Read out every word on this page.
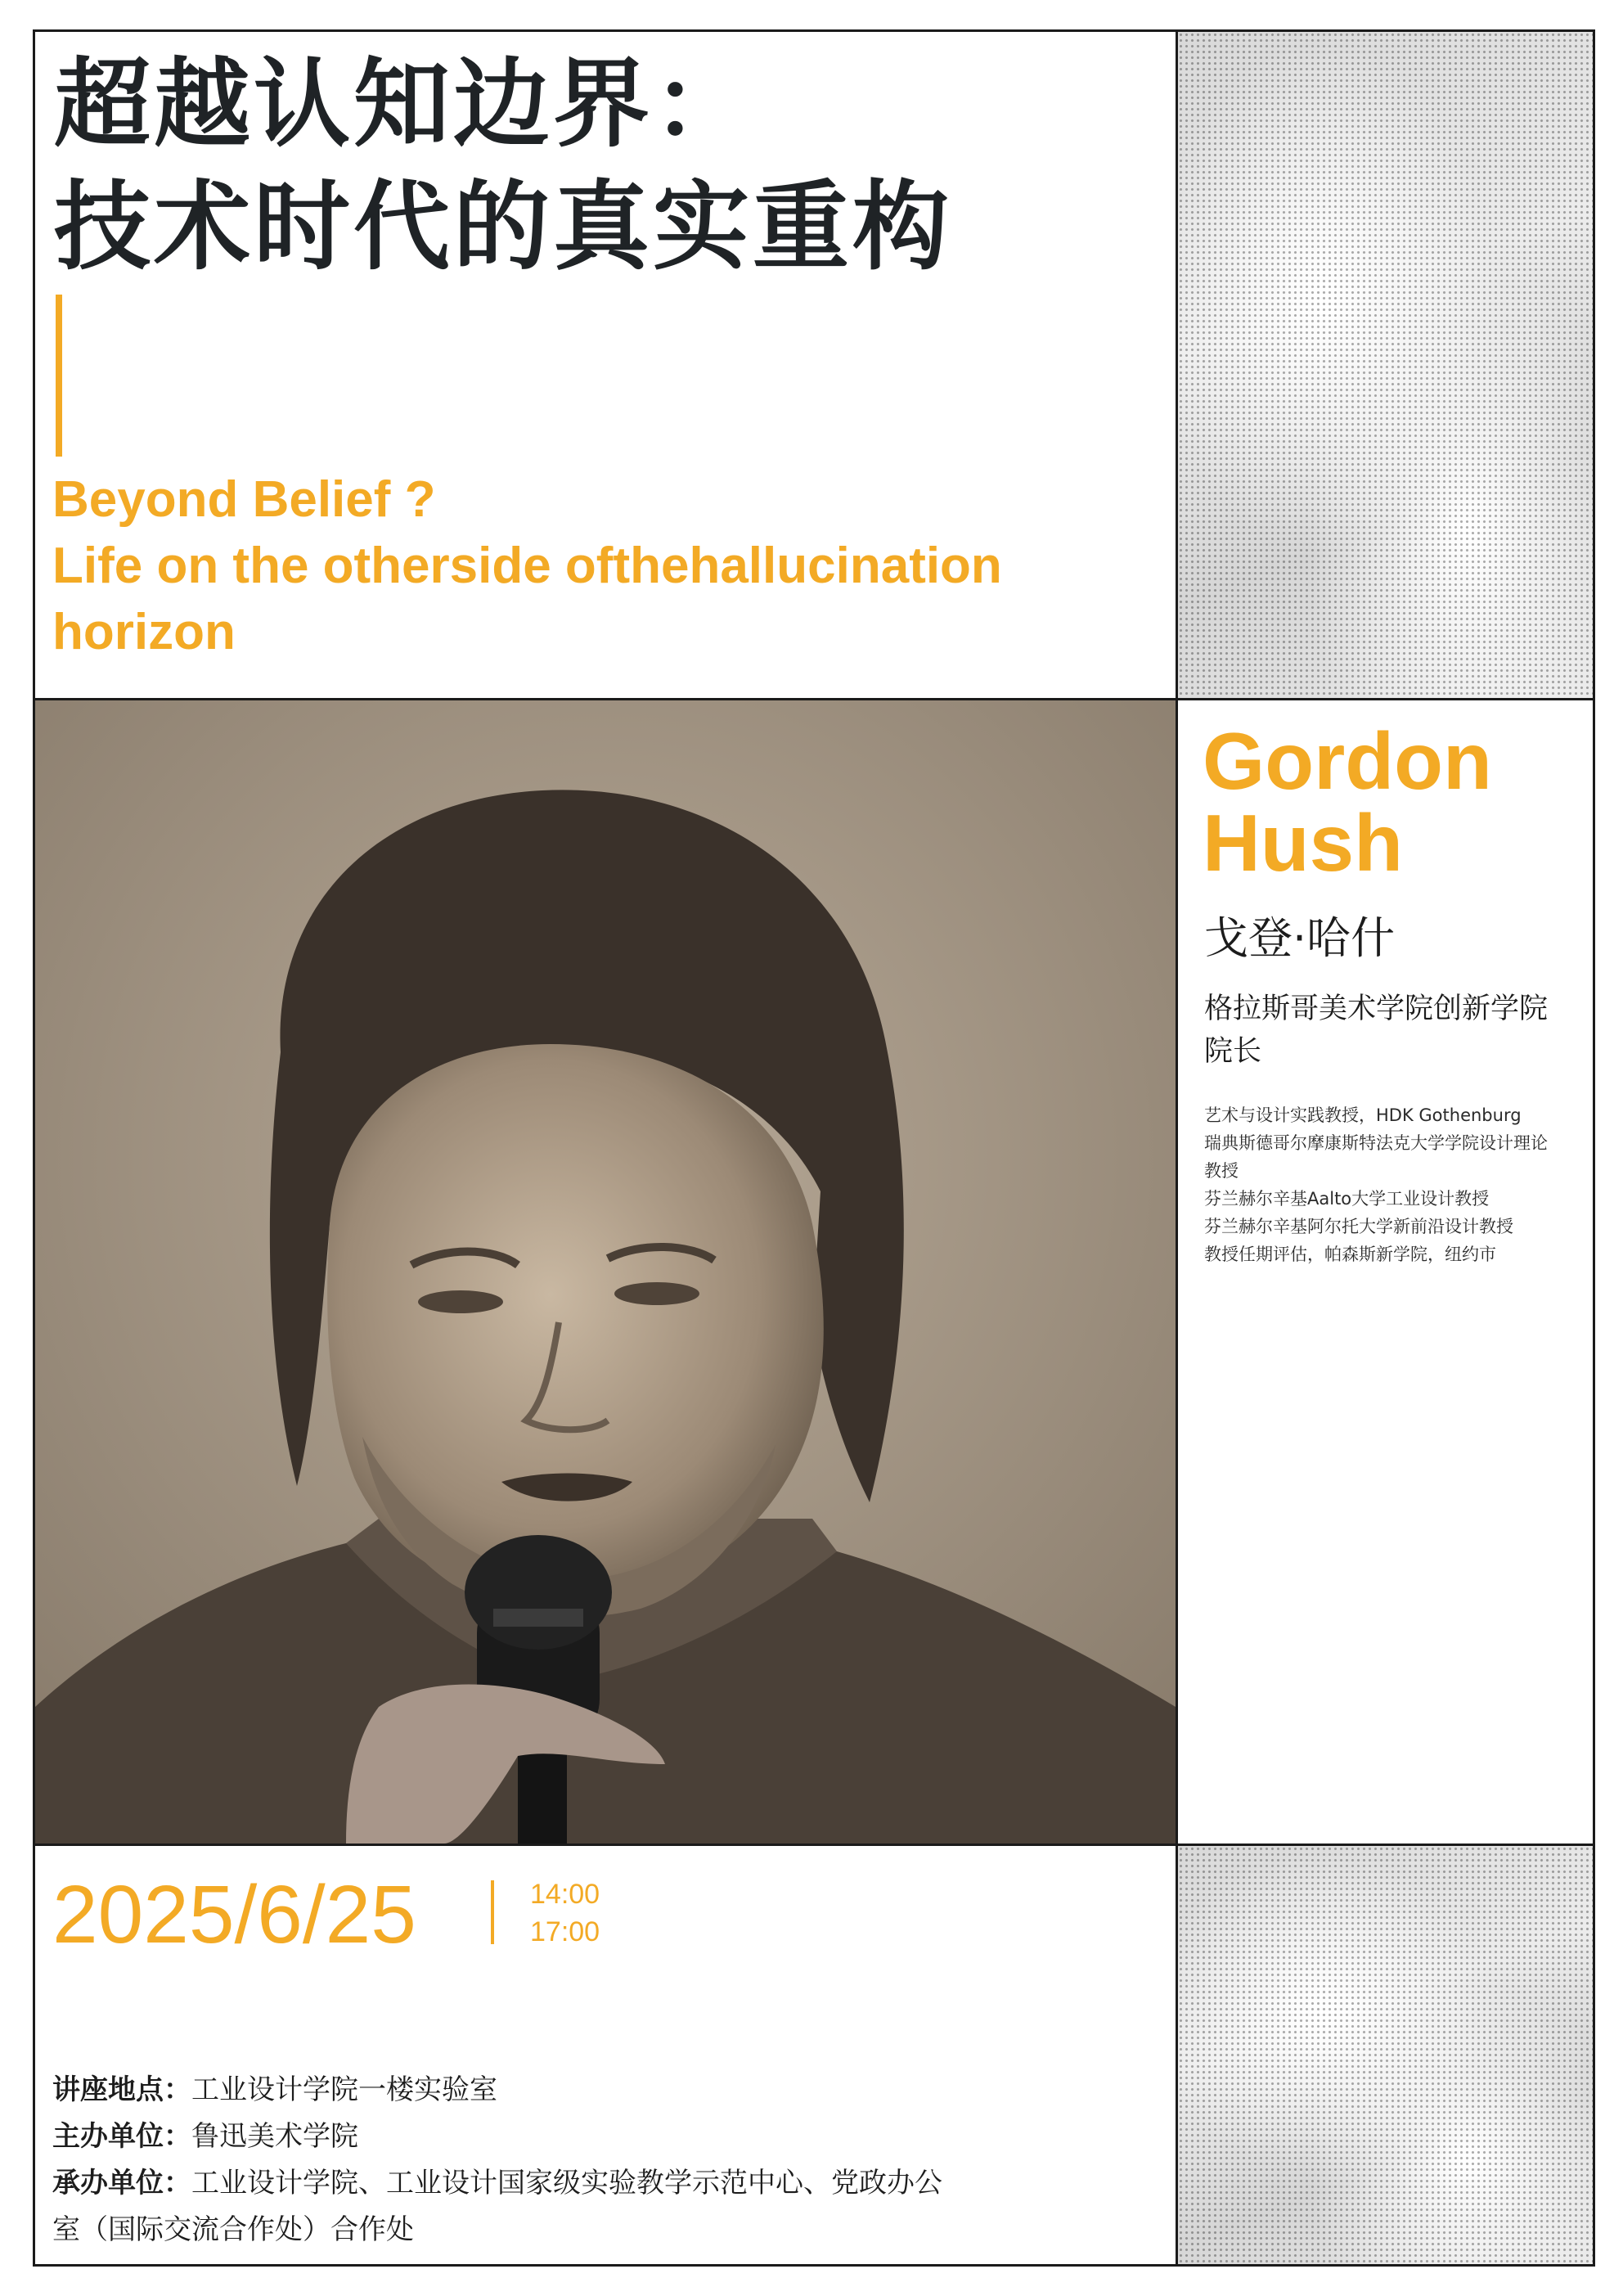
超越认知边界：
技术时代的真实重构
Beyond Belief ?
Life on the otherside ofthehallucination
horizon
Gordon
Hush
戈登·哈什
格拉斯哥美术学院创新学院
院长
艺术与设计实践教授，HDK Gothenburg
瑞典斯德哥尔摩康斯特法克大学学院设计理论
教授
芬兰赫尔辛基Aalto大学工业设计教授
芬兰赫尔辛基阿尔托大学新前沿设计教授
教授任期评估，帕森斯新学院，纽约市
2025/6/25	14:00
17:00
讲座地点：工业设计学院一楼实验室
主办单位：鲁迅美术学院
承办单位：工业设计学院、工业设计国家级实验教学示范中心、党政办公
室（国际交流合作处）合作处
